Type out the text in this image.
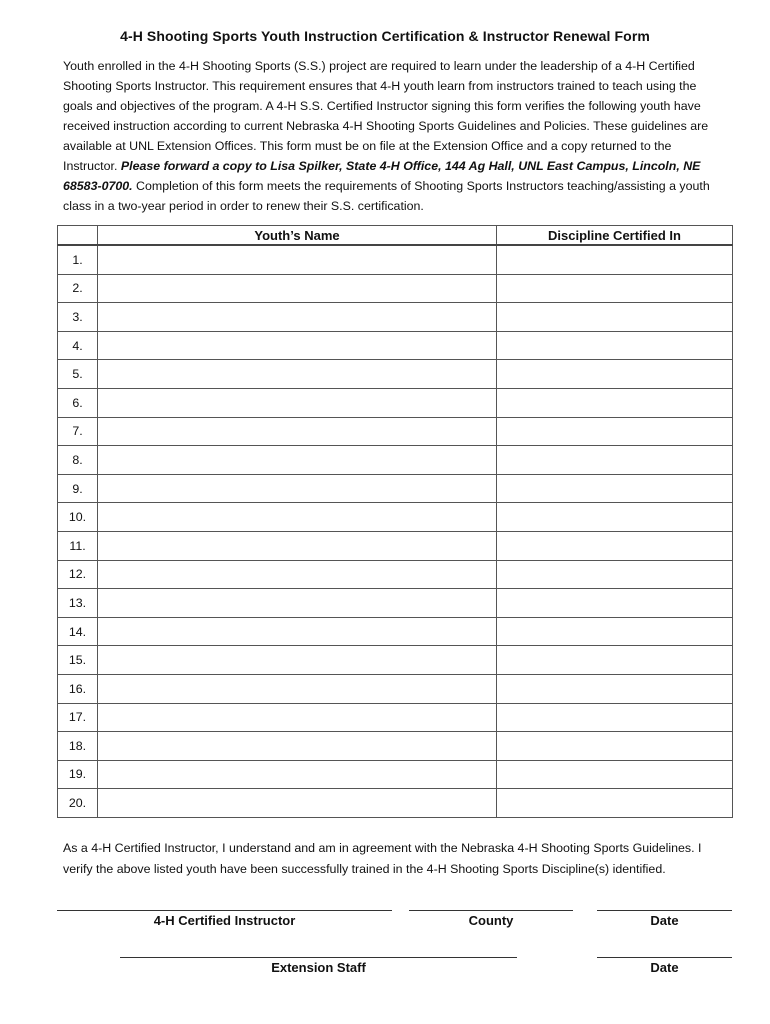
4-H Shooting Sports Youth Instruction Certification & Instructor Renewal Form
Youth enrolled in the 4-H Shooting Sports (S.S.) project are required to learn under the leadership of a 4-H Certified Shooting Sports Instructor. This requirement ensures that 4-H youth learn from instructors trained to teach using the goals and objectives of the program. A 4-H S.S. Certified Instructor signing this form verifies the following youth have received instruction according to current Nebraska 4-H Shooting Sports Guidelines and Policies. These guidelines are available at UNL Extension Offices. This form must be on file at the Extension Office and a copy returned to the Instructor. Please forward a copy to Lisa Spilker, State 4-H Office, 144 Ag Hall, UNL East Campus, Lincoln, NE 68583-0700. Completion of this form meets the requirements of Shooting Sports Instructors teaching/assisting a youth class in a two-year period in order to renew their S.S. certification.
	Youth’s Name	Discipline Certified In
1.		
2.		
3.		
4.		
5.		
6.		
7.		
8.		
9.		
10.		
11.		
12.		
13.		
14.		
15.		
16.		
17.		
18.		
19.		
20.		
As a 4-H Certified Instructor, I understand and am in agreement with the Nebraska 4-H Shooting Sports Guidelines. I verify the above listed youth have been successfully trained in the 4-H Shooting Sports Discipline(s) identified.
4-H Certified Instructor	County	Date
Extension Staff	Date
